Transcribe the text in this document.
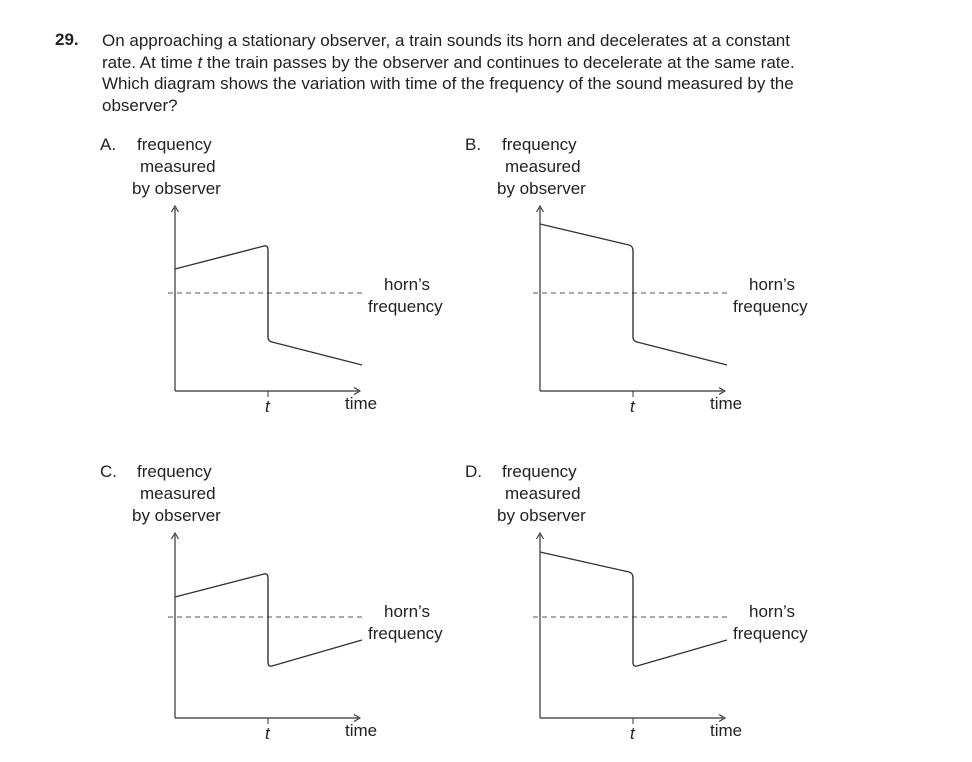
29. On approaching a stationary observer, a train sounds its horn and decelerates at a constant
rate. At time t the train passes by the observer and continues to decelerate at the same rate.
Which diagram shows the variation with time of the frequency of the sound measured by the
observer?
A. frequency
measured
by observer
horn’s
frequency
t	time
B. frequency
measured
by observer
horn’s
frequency
t	time
C. frequency
measured
by observer
horn’s
frequency
t	time
D. frequency
measured
by observer
horn’s
frequency
t	time
